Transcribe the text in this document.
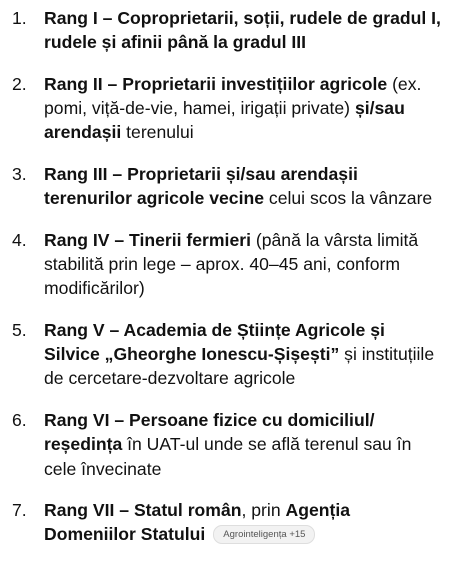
1. Rang I – Coproprietarii, soții, rudele de gradul I, rudele și afinii până la gradul III
2. Rang II – Proprietarii investițiilor agricole (ex. pomi, viță-de-vie, hamei, irigații private) și/sau arendașii terenului
3. Rang III – Proprietarii și/sau arendașii terenurilor agricole vecine celui scos la vânzare
4. Rang IV – Tinerii fermieri (până la vârsta limită stabilită prin lege – aprox. 40–45 ani, conform modificărilor)
5. Rang V – Academia de Științe Agricole și Silvice „Gheorghe Ionescu-Șișești” și instituțiile de cercetare-dezvoltare agricole
6. Rang VI – Persoane fizice cu domiciliul/ reședința în UAT-ul unde se află terenul sau în cele învecinate
7. Rang VII – Statul român, prin Agenția Domeniilor Statului Agrointeligența +15
